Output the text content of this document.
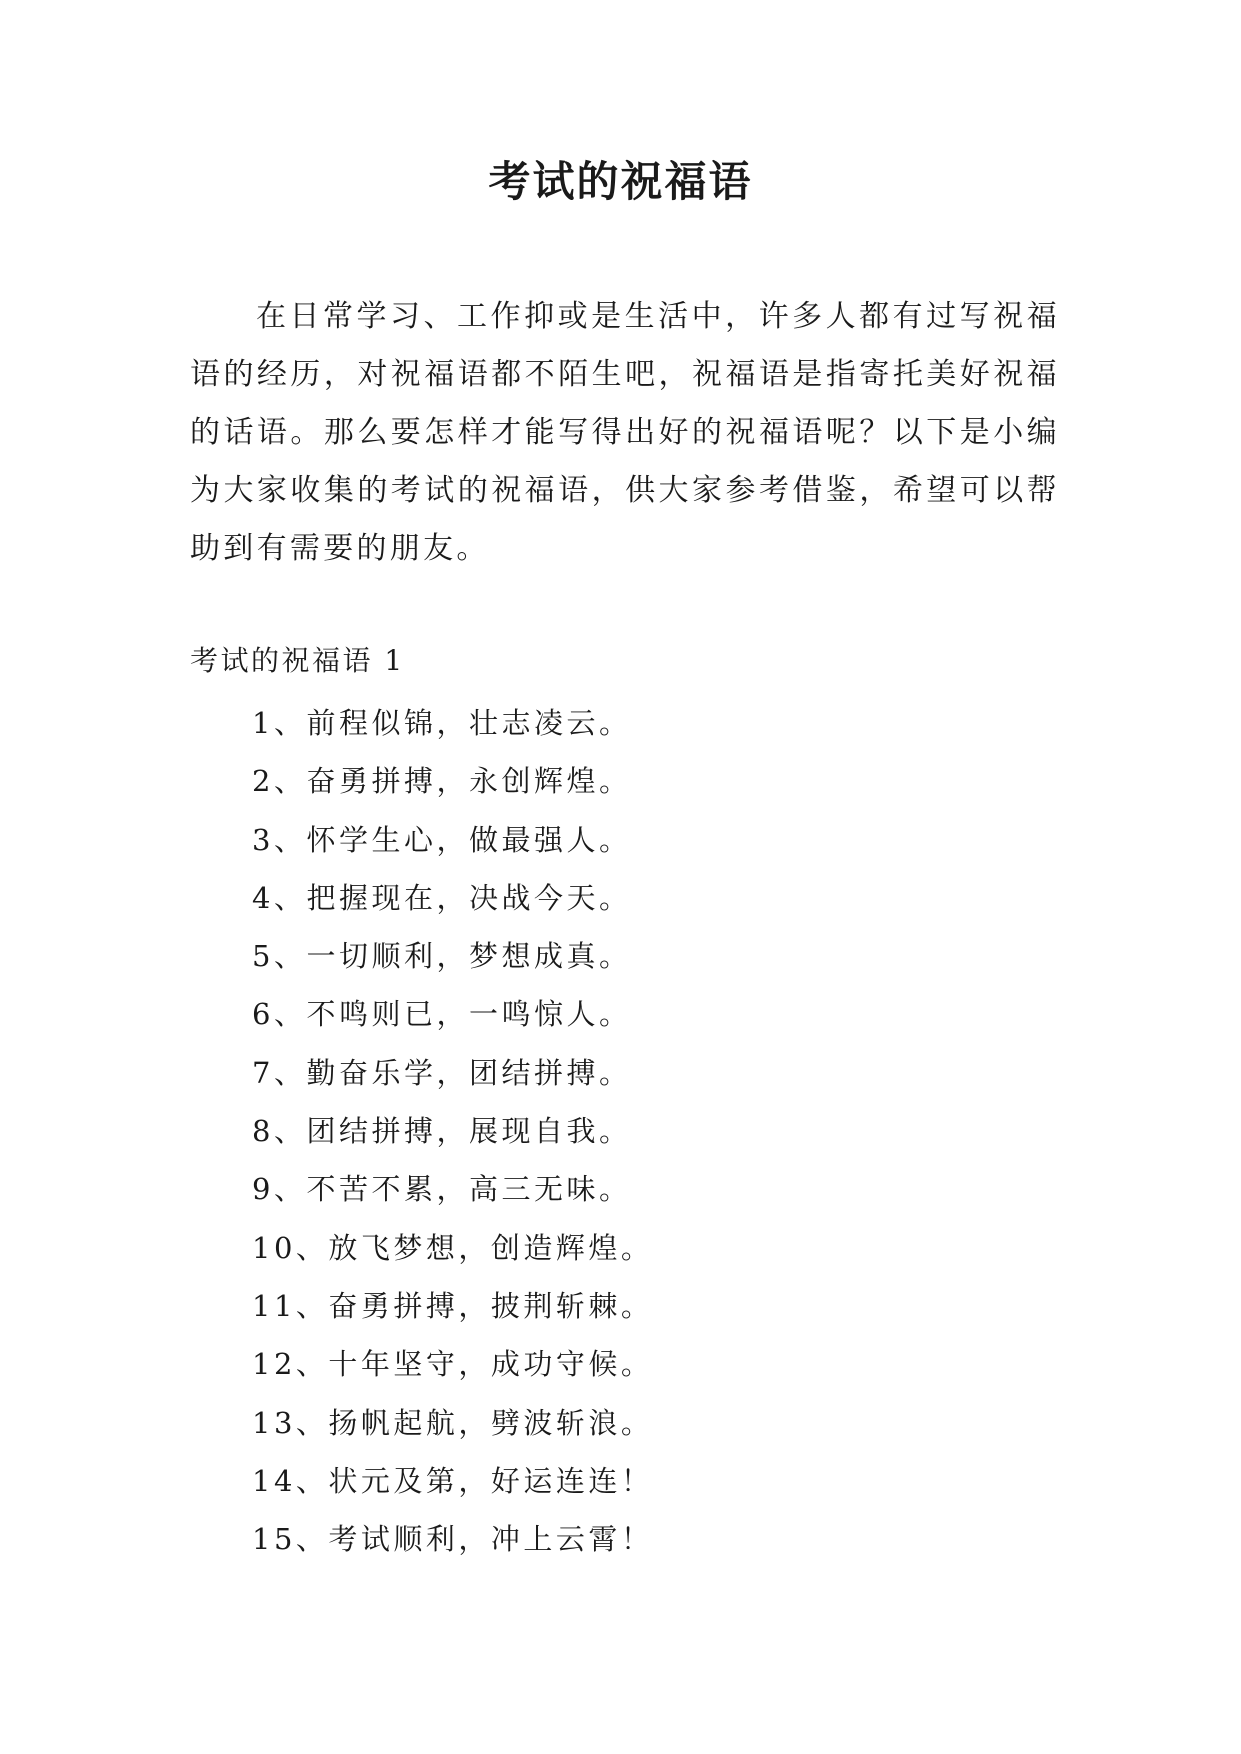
考试的祝福语

在日常学习、工作抑或是生活中，许多人都有过写祝福语的经历，对祝福语都不陌生吧，祝福语是指寄托美好祝福的话语。那么要怎样才能写得出好的祝福语呢？以下是小编为大家收集的考试的祝福语，供大家参考借鉴，希望可以帮助到有需要的朋友。

考试的祝福语 1

1、前程似锦，壮志凌云。
2、奋勇拼搏，永创辉煌。
3、怀学生心，做最强人。
4、把握现在，决战今天。
5、一切顺利，梦想成真。
6、不鸣则已，一鸣惊人。
7、勤奋乐学，团结拼搏。
8、团结拼搏，展现自我。
9、不苦不累，高三无味。
10、放飞梦想，创造辉煌。
11、奋勇拼搏，披荆斩棘。
12、十年坚守，成功守候。
13、扬帆起航，劈波斩浪。
14、状元及第，好运连连！
15、考试顺利，冲上云霄！
